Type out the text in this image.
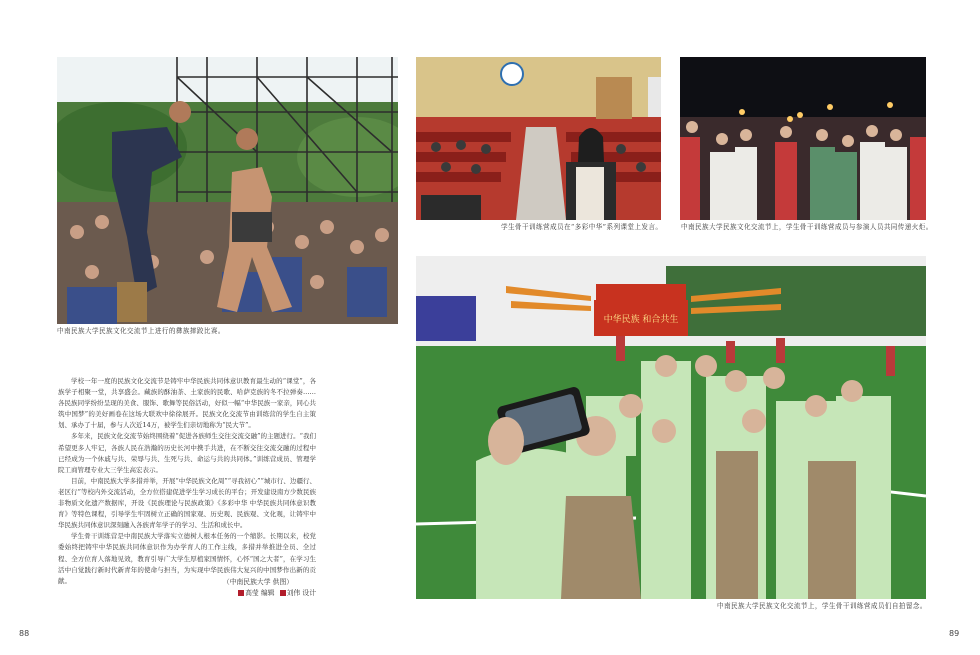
中南民族大学民族文化交流节上进行的彝族摔跤比赛。
学生骨干训练营成员在“多彩中华”系列课堂上发言。	中南民族大学民族文化交流节上，学生骨干训练营成员与参演人员共同传递火炬。
中华民族 和合共生
中南民族大学民族文化交流节上，学生骨干训练营成员们自拍留念。

学校一年一度的民族文化交流节是铸牢中华民族共同体意识教育最生动的“课堂”，各族学子相聚一堂，共享盛会。藏族的酥油茶、土家族的民歌、哈萨克族的冬不拉弹奏……各民族同学纷纷呈现的美食、服饰、歌舞等民俗活动，好似一幅“中华民族一家亲，同心共筑中国梦”的美好画卷在这场大联欢中徐徐展开。民族文化交流节由训练营的学生自主策划、承办了十届，参与人次近14万，被学生们亲切地称为“民大节”。

多年来，民族文化交流节始终围绕着“促进各族师生交往交流交融”的主题进行。“我们希望更多人牢记，各族人民在浩瀚的历史长河中携手共进，在不断交往交流交融的过程中已经成为一个休戚与共、荣辱与共、生死与共、命运与共的共同体。”训练营成员、管理学院工商管理专业大三学生高宏表示。

目前，中南民族大学多措并举，开展“中华民族文化周”“寻我初心”“城市行、边疆行、老区行”等校内外交流活动，全方位搭建促进学生学习成长的平台；开发建设南方少数民族非物质文化遗产数据库，开设《民族理论与民族政策》《多彩中华 中华民族共同体意识教育》等特色课程，引导学生牢固树立正确的国家观、历史观、民族观、文化观，让铸牢中华民族共同体意识深刻融入各族青年学子的学习、生活和成长中。

学生骨干训练营是中南民族大学落实立德树人根本任务的一个缩影。长期以来，校党委始终把铸牢中华民族共同体意识作为办学育人的工作主线，多措并举推进全员、全过程、全方位育人落地见效，教育引导广大学生厚植家国情怀，心怀“国之大者”，在学习生活中自觉践行新时代新青年的使命与担当，为实现中华民族伟大复兴的中国梦作出新的贡献。	（中南民族大学 供图）
高莹 编辑 刘伟 设计
88	89
